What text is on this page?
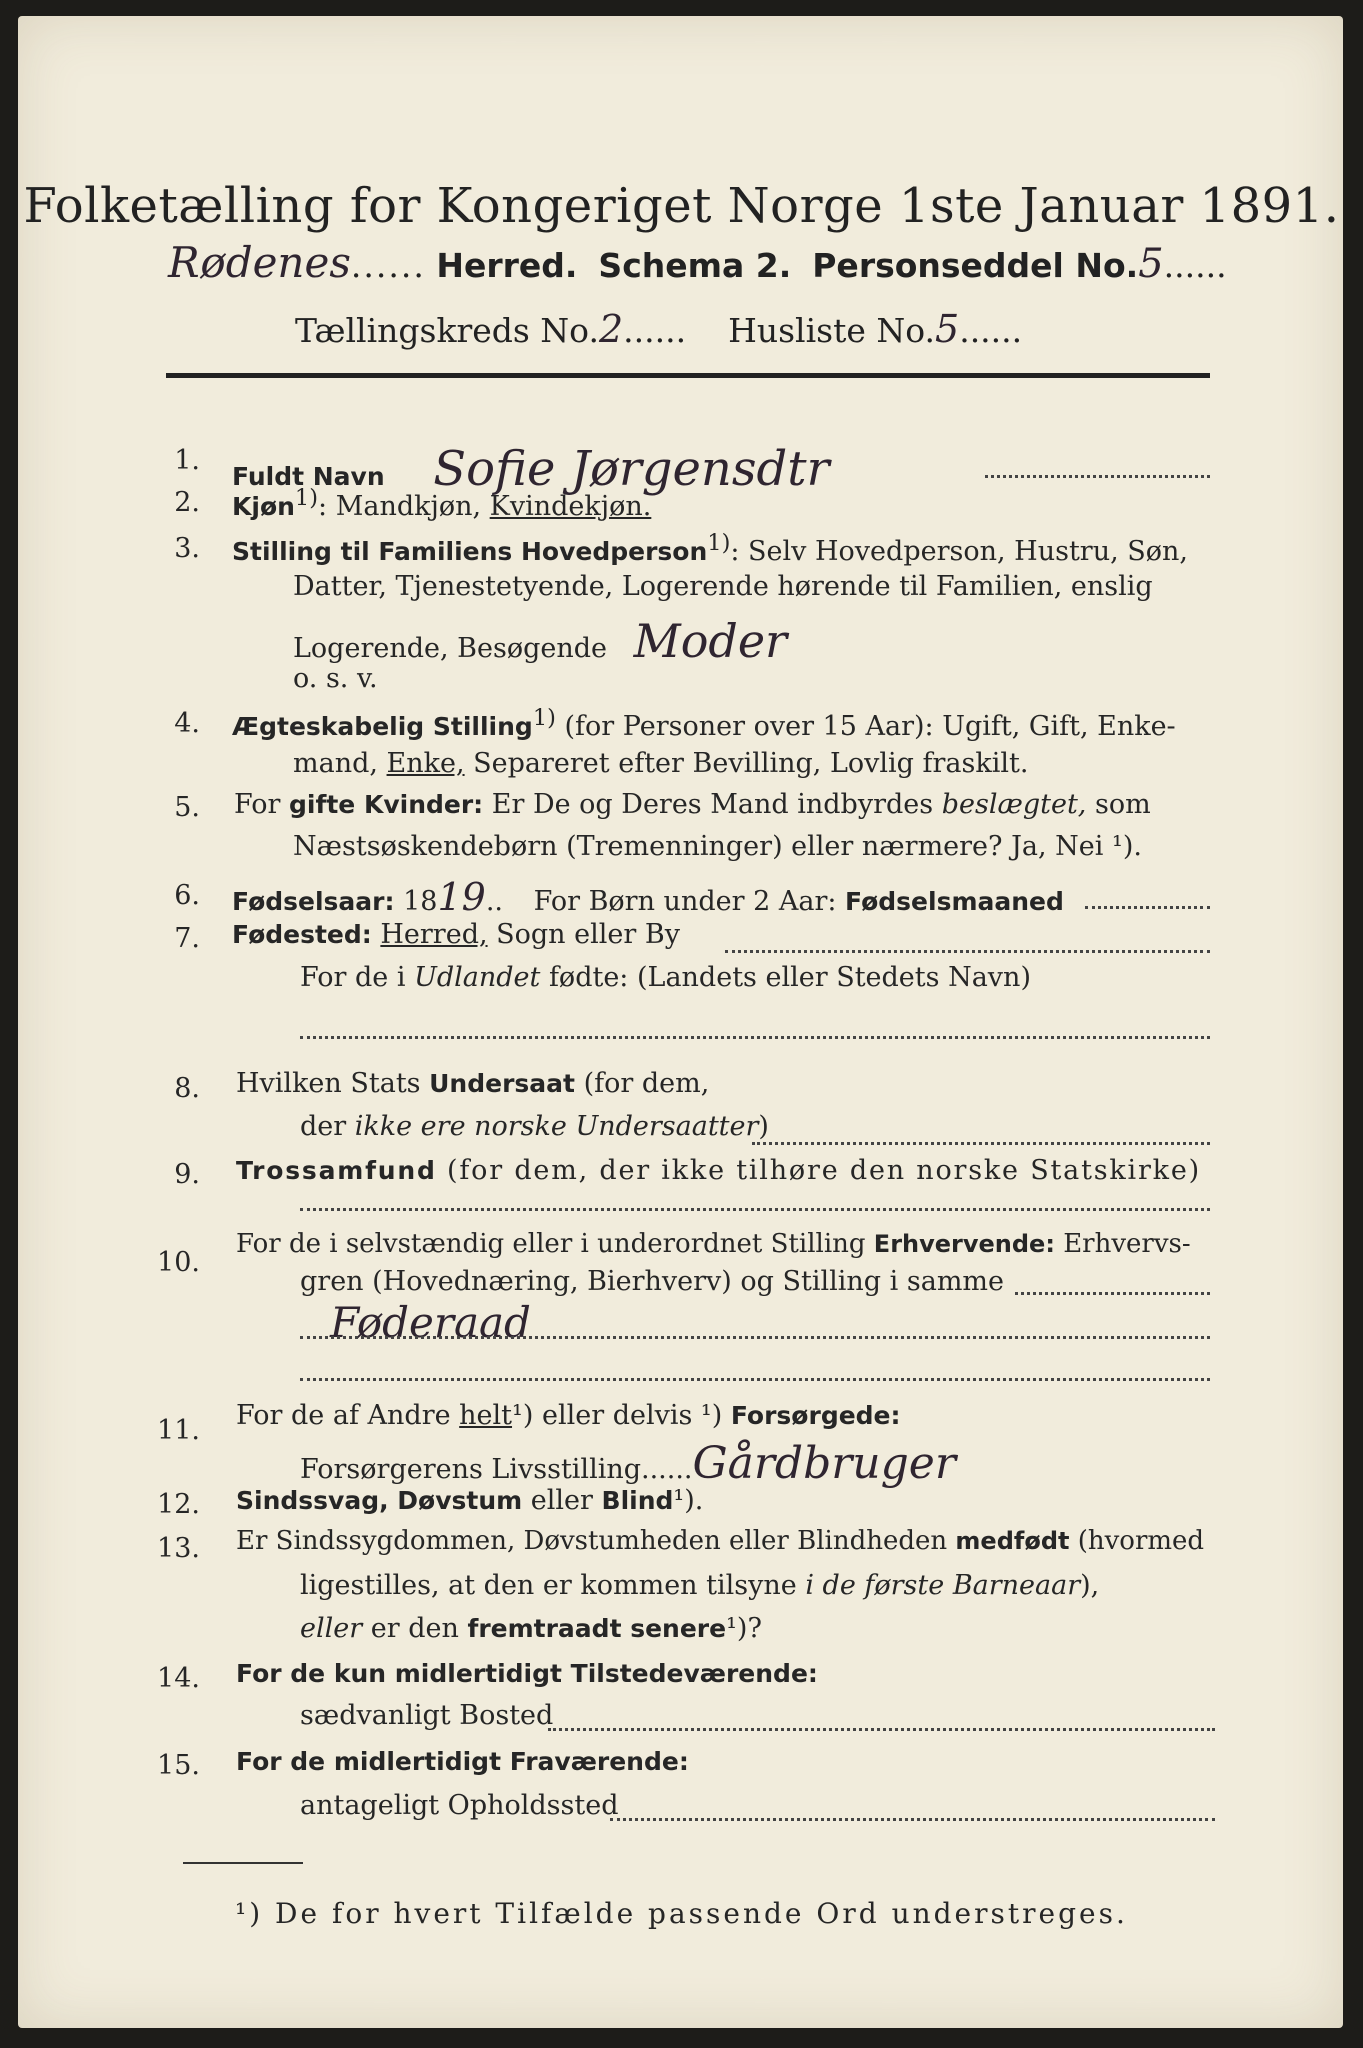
Folketælling for Kongeriget Norge 1ste Januar 1891.
Rødenes...... Herred. Schema 2. Personseddel No.5......
Tællingskreds No.2...... Husliste No.5......
1.
Fuldt Navn Sofie Jørgensdtr
2. Kjøn$^{1)}$: Mandkjøn, Kvindekjøn.
3. Stilling til Familiens Hovedperson$^{1)}$: Selv Hovedperson, Hustru, Søn,
Datter, Tjenestetyende, Logerende hørende til Familien, enslig
Logerende, Besøgende Moder
o. s. v.
4. Ægteskabelig Stilling$^{1)}$ (for Personer over 15 Aar): Ugift, Gift, Enke-
mand, Enke, Separeret efter Bevilling, Lovlig fraskilt.
5. For gifte Kvinder: Er De og Deres Mand indbyrdes beslægtet, som
Næstsøskendebørn (Tremenninger) eller nærmere? Ja, Nei ¹).
6. Fødselsaar: 1819.. For Børn under 2 Aar: Fødselsmaaned
7. Fødested: Herred, Sogn eller By
For de i Udlandet fødte: (Landets eller Stedets Navn)
8. Hvilken Stats Undersaat (for dem,
der ikke ere norske Undersaatter)
9. Trossamfund (for dem, der ikke tilhøre den norske Statskirke)
10.
For de i selvstændig eller i underordnet Stilling Erhvervende: Erhvervs-
gren (Hovednæring, Bierhverv) og Stilling i samme
Føderaad
11. For de af Andre helt¹) eller delvis ¹) Forsørgede:
Forsørgerens Livsstilling......Gårdbruger
12. Sindssvag, Døvstum eller Blind¹).
13. Er Sindssygdommen, Døvstumheden eller Blindheden medfødt (hvormed
ligestilles, at den er kommen tilsyne i de første Barneaar),
eller er den fremtraadt senere¹)?
14. For de kun midlertidigt Tilstedeværende:
sædvanligt Bosted
15. For de midlertidigt Fraværende:
antageligt Opholdssted
¹) De for hvert Tilfælde passende Ord understreges.
